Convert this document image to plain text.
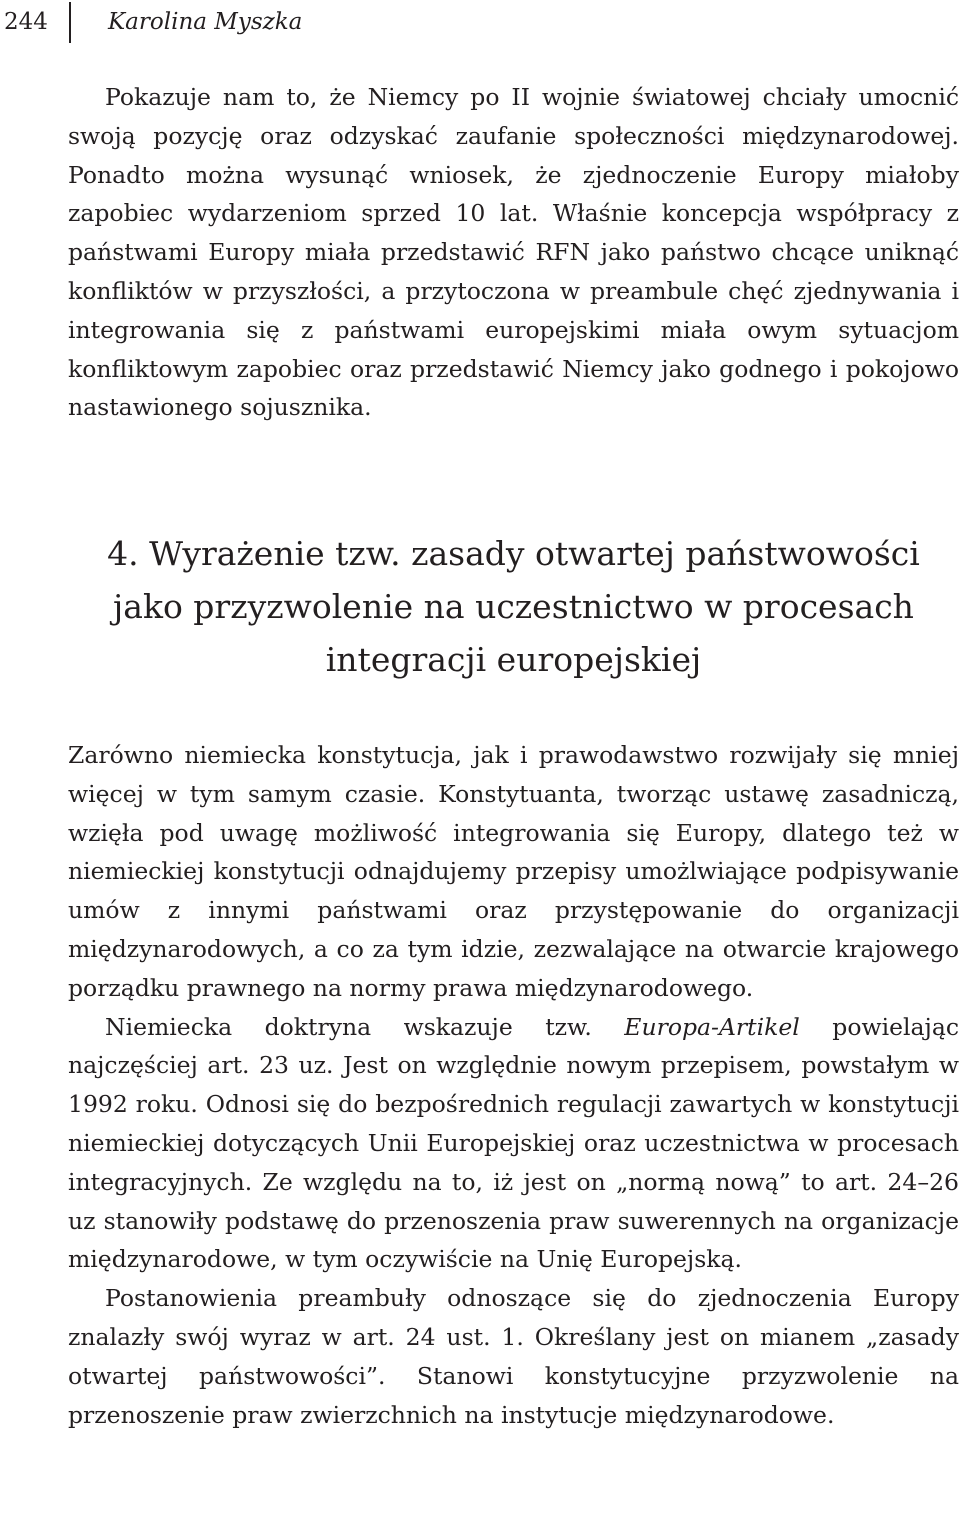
244	Karolina Myszka

Pokazuje nam to, że Niemcy po II wojnie światowej chciały umocnić swoją pozycję oraz odzyskać zaufanie społeczności międzynarodowej. Ponadto można wysunąć wniosek, że zjednoczenie Europy miałoby zapobiec wydarzeniom sprzed 10 lat. Właśnie koncepcja współpracy z państwami Europy miała przedstawić RFN jako państwo chcące uniknąć konfliktów w przyszłości, a przytoczona w preambule chęć zjednywania i integrowania się z państwami europejskimi miała owym sytuacjom konfliktowym zapobiec oraz przedstawić Niemcy jako godnego i pokojowo nastawionego sojusznika.

4. Wyrażenie tzw. zasady otwartej państwowości
jako przyzwolenie na uczestnictwo w procesach
integracji europejskiej

Zarówno niemiecka konstytucja, jak i prawodawstwo rozwijały się mniej więcej w tym samym czasie. Konstytuanta, tworząc ustawę zasadniczą, wzięła pod uwagę możliwość integrowania się Europy, dlatego też w niemieckiej konstytucji odnajdujemy przepisy umożlwiające podpisywanie umów z innymi państwami oraz przystępowanie do organizacji międzynarodowych, a co za tym idzie, zezwalające na otwarcie krajowego porządku prawnego na normy prawa międzynarodowego.

Niemiecka doktryna wskazuje tzw. Europa-Artikel powielając najczęściej art. 23 uz. Jest on względnie nowym przepisem, powstałym w 1992 roku. Odnosi się do bezpośrednich regulacji zawartych w konstytucji niemieckiej dotyczących Unii Europejskiej oraz uczestnictwa w procesach integracyjnych. Ze względu na to, iż jest on „normą nową” to art. 24–26 uz stanowiły podstawę do przenoszenia praw suwerennych na organizacje międzynarodowe, w tym oczywiście na Unię Europejską.

Postanowienia preambuły odnoszące się do zjednoczenia Europy znalazły swój wyraz w art. 24 ust. 1. Określany jest on mianem „zasady otwartej państwowości”. Stanowi konstytucyjne przyzwolenie na przenoszenie praw zwierzchnich na instytucje międzynarodowe.
